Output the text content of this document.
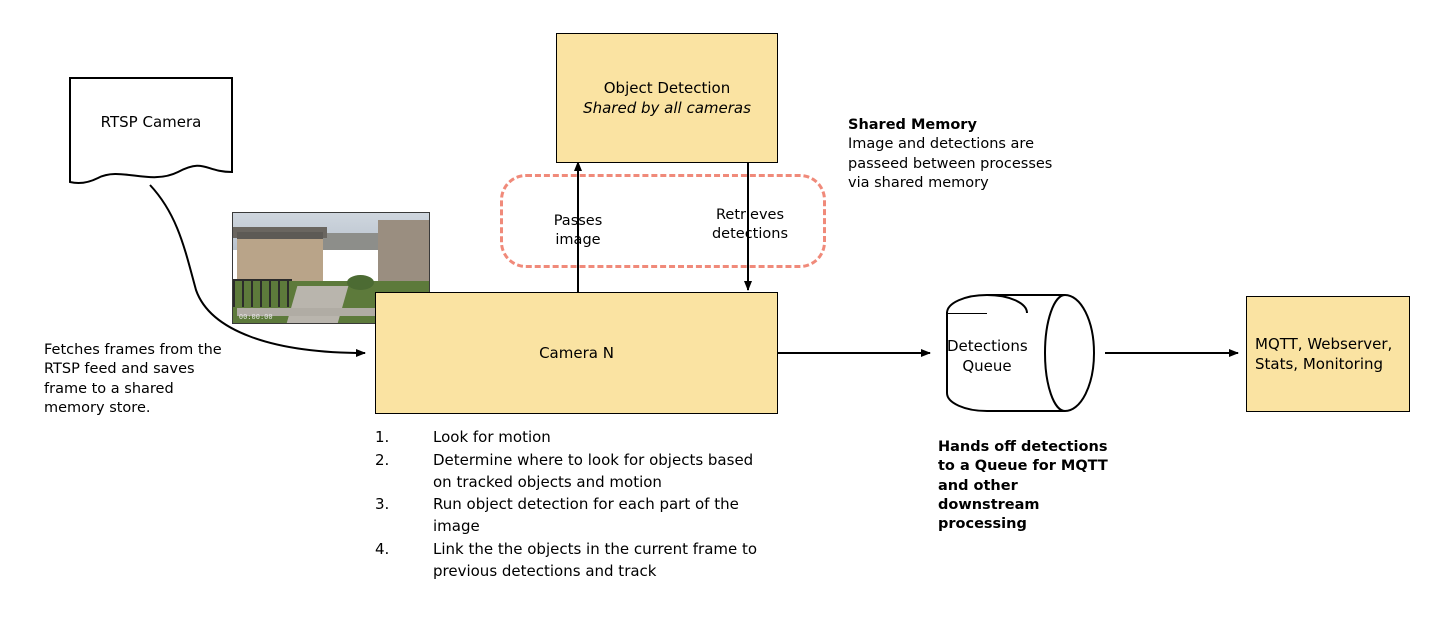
RTSP Camera
00:00:00
Object Detection
Shared by all cameras
Passes
image
Retrieves
detections
Shared Memory
Image and detections are passeed between processes via shared memory
Camera N	Detections
Queue
MQTT, Webserver,
Stats, Monitoring
Fetches frames from the RTSP feed and saves frame to a shared memory store.
Hands off detections to a Queue for MQTT and other downstream processing
1.	Look for motion
2.	Determine where to look for objects based on tracked objects and motion
3.	Run object detection for each part of the image
4.	Link the the objects in the current frame to previous detections and track
